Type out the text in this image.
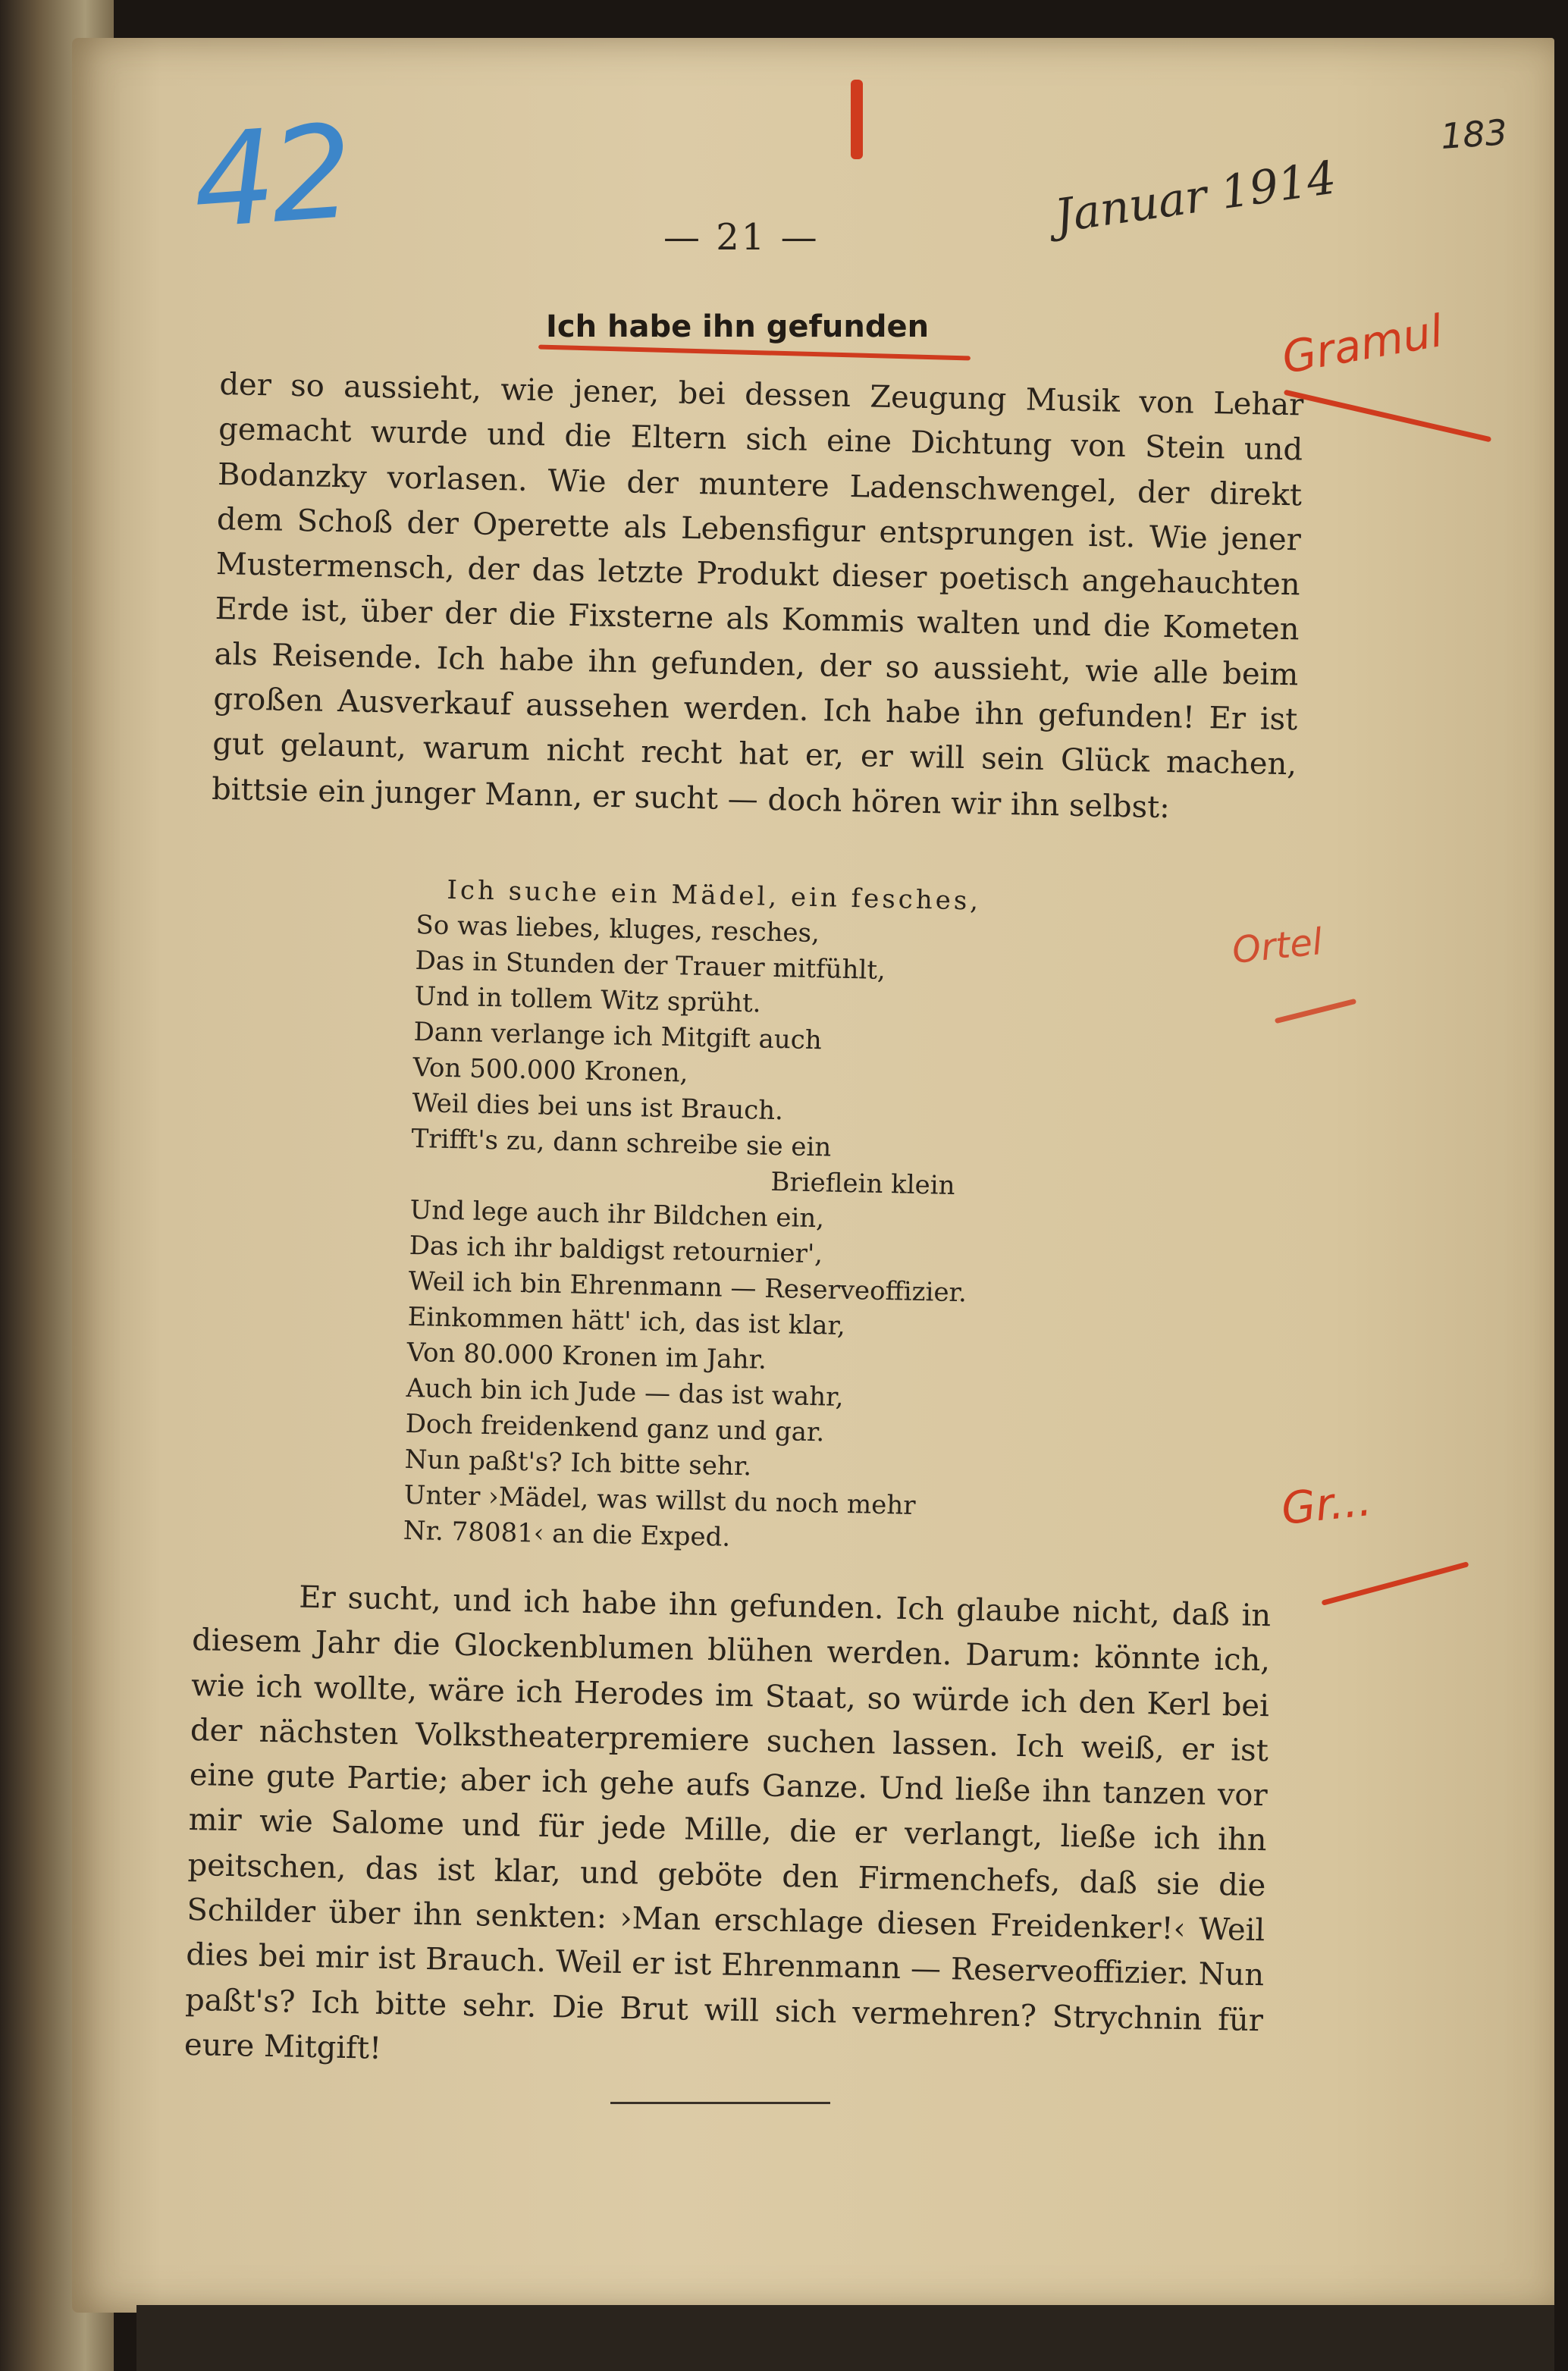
42	183

Januar 1914

— 21 —

Gramul

Ortel

Gr...

Ich habe ihn gefunden

der so aussieht, wie jener, bei dessen Zeugung Musik von Lehar gemacht wurde und die Eltern sich eine Dichtung von Stein und Bodanzky vorlasen. Wie der muntere Ladenschwengel, der direkt dem Schoß der Operette als Lebensfigur entsprungen ist. Wie jener Mustermensch, der das letzte Produkt dieser poetisch angehauchten Erde ist, über der die Fixsterne als Kommis walten und die Kometen als Reisende. Ich habe ihn gefunden, der so aussieht, wie alle beim großen Ausverkauf aussehen werden. Ich habe ihn gefunden! Er ist gut gelaunt, warum nicht recht hat er, er will sein Glück machen, bittsie ein junger Mann, er sucht — doch hören wir ihn selbst:

Ich suche ein Mädel, ein fesches,
So was liebes, kluges, resches,
Das in Stunden der Trauer mitfühlt,
Und in tollem Witz sprüht.
Dann verlange ich Mitgift auch
Von 500.000 Kronen,
Weil dies bei uns ist Brauch.
Trifft's zu, dann schreibe sie ein
Brieflein klein
Und lege auch ihr Bildchen ein,
Das ich ihr baldigst retournier',
Weil ich bin Ehrenmann — Reserveoffizier.
Einkommen hätt' ich, das ist klar,
Von 80.000 Kronen im Jahr.
Auch bin ich Jude — das ist wahr,
Doch freidenkend ganz und gar.
Nun paßt's? Ich bitte sehr.
Unter ›Mädel, was willst du noch mehr
Nr. 78081‹ an die Exped.

Er sucht, und ich habe ihn gefunden. Ich glaube nicht, daß in diesem Jahr die Glockenblumen blühen werden. Darum: könnte ich, wie ich wollte, wäre ich Herodes im Staat, so würde ich den Kerl bei der nächsten Volkstheaterpremiere suchen lassen. Ich weiß, er ist eine gute Partie; aber ich gehe aufs Ganze. Und ließe ihn tanzen vor mir wie Salome und für jede Mille, die er verlangt, ließe ich ihn peitschen, das ist klar, und geböte den Firmenchefs, daß sie die Schilder über ihn senkten: ›Man erschlage diesen Freidenker!‹ Weil dies bei mir ist Brauch. Weil er ist Ehrenmann — Reserveoffizier. Nun paßt's? Ich bitte sehr. Die Brut will sich vermehren? Strychnin für eure Mitgift!
